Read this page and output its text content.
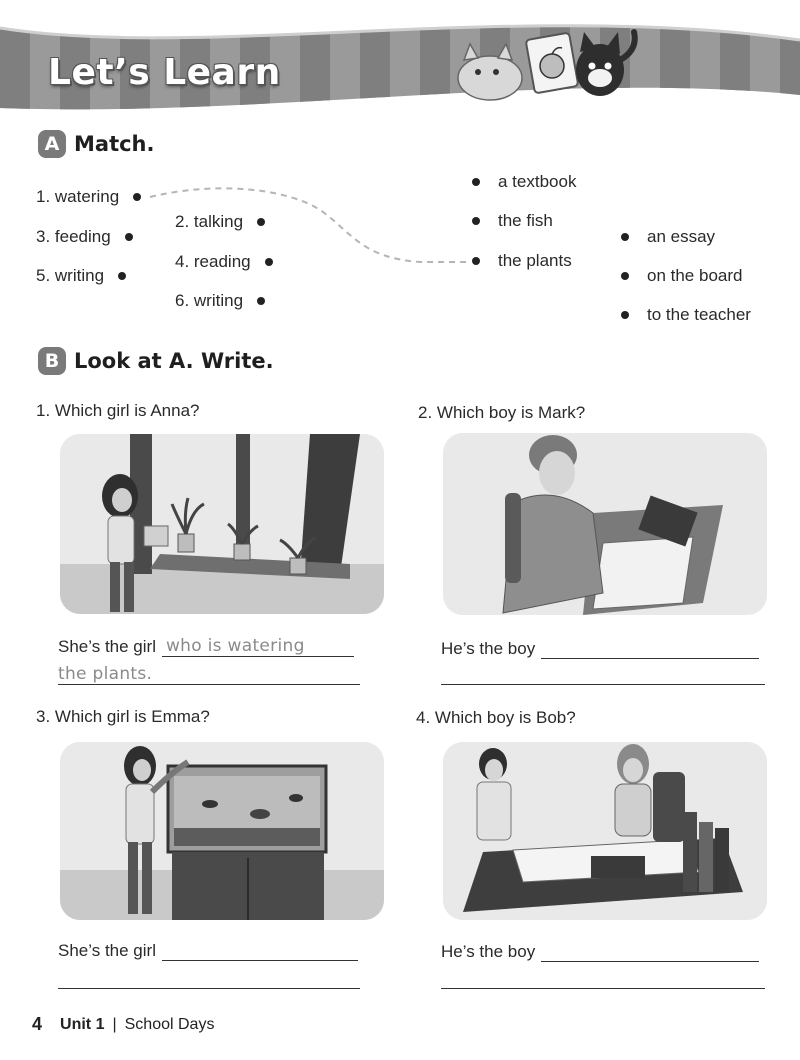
Let’s Learn
A Match.
1. watering
3. feeding
5. writing
2. talking
4. reading
6. writing
a textbook
the fish
the plants
an essay
on the board
to the teacher
B Look at A. Write.
1. Which girl is Anna?
She’s the girl who is watering
the plants.
2. Which boy is Mark?
He’s the boy
3. Which girl is Emma?
She’s the girl
4. Which boy is Bob?
He’s the boy
4 Unit 1 | School Days
